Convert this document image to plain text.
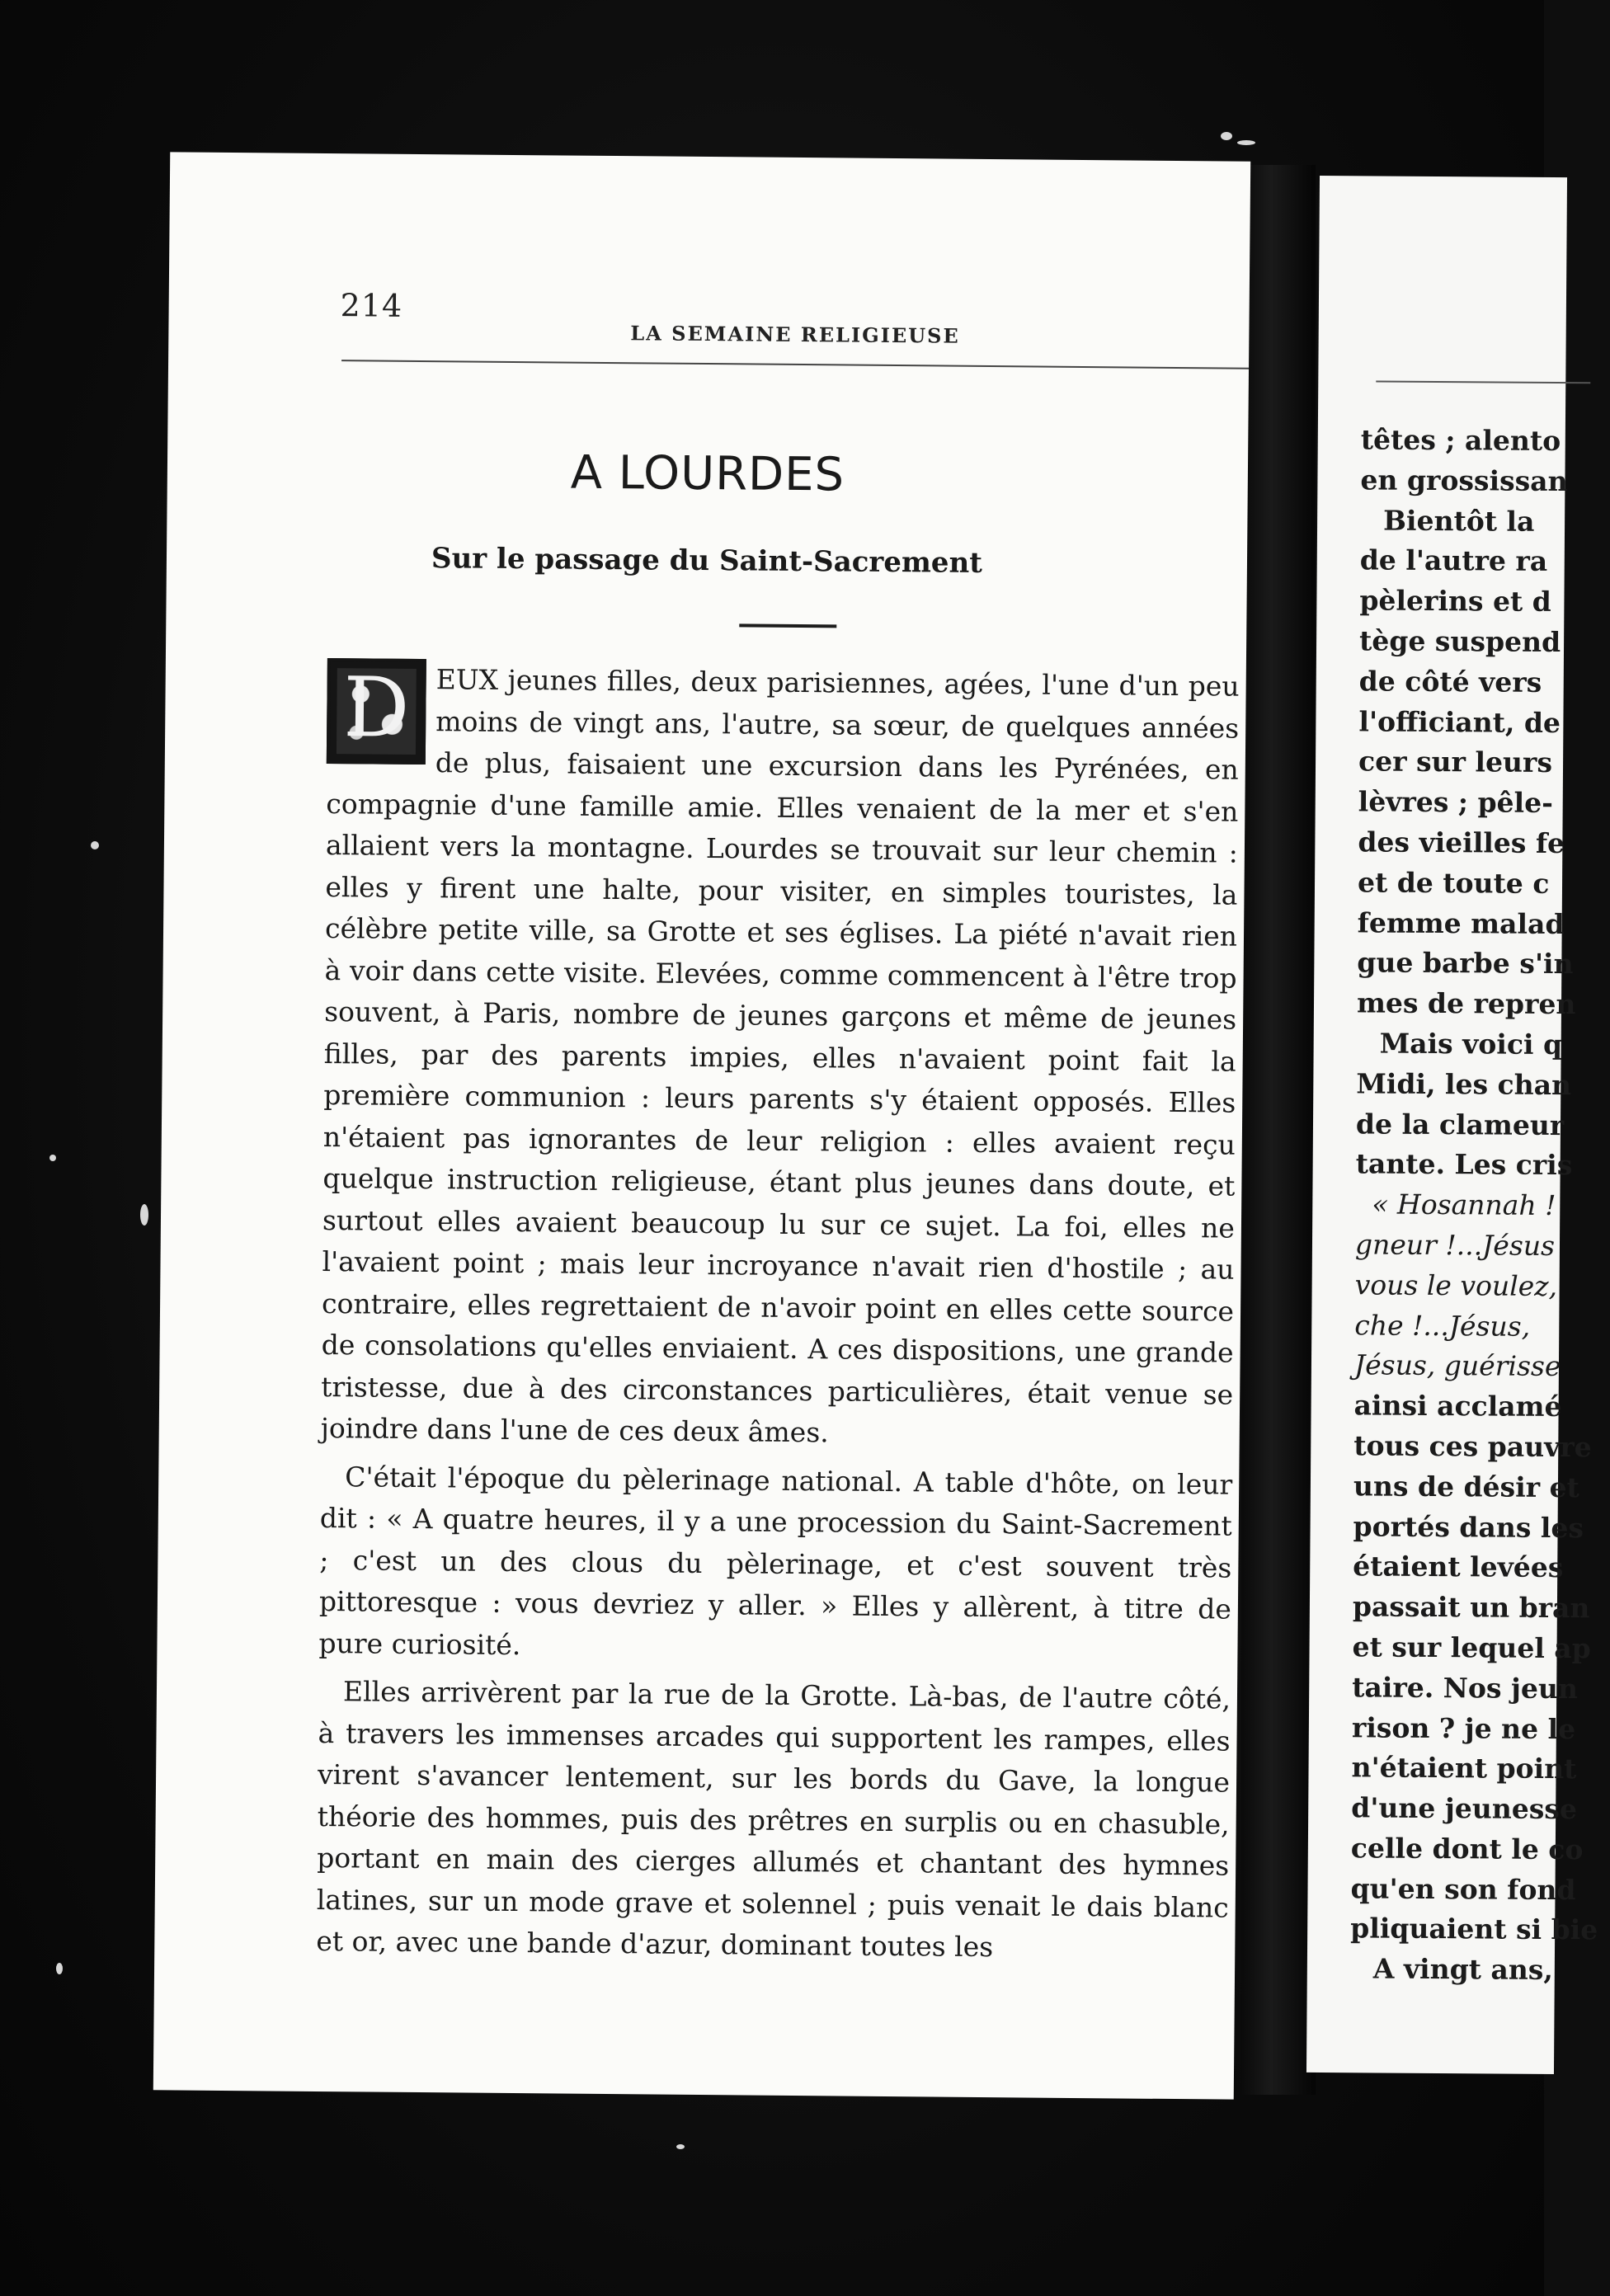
214
LA SEMAINE RELIGIEUSE
A LOURDES
Sur le passage du Saint-Sacrement

EUX jeunes filles, deux parisiennes, agées, l'une d'un peu moins de vingt ans, l'autre, sa sœur, de quelques années de plus, faisaient une excursion dans les Pyrénées, en compagnie d'une famille amie. Elles venaient de la mer et s'en allaient vers la montagne. Lourdes se trouvait sur leur chemin : elles y firent une halte, pour visiter, en simples touristes, la célèbre petite ville, sa Grotte et ses églises. La piété n'avait rien à voir dans cette visite. Elevées, comme commencent à l'être trop souvent, à Paris, nombre de jeunes garçons et même de jeunes filles, par des parents impies, elles n'avaient point fait la première communion : leurs parents s'y étaient opposés. Elles n'étaient pas ignorantes de leur religion : elles avaient reçu quelque instruction religieuse, étant plus jeunes dans doute, et surtout elles avaient beaucoup lu sur ce sujet. La foi, elles ne l'avaient point ; mais leur incroyance n'avait rien d'hostile ; au contraire, elles regrettaient de n'avoir point en elles cette source de consolations qu'elles enviaient. A ces dispositions, une grande tristesse, due à des circonstances particulières, était venue se joindre dans l'une de ces deux âmes.

C'était l'époque du pèlerinage national. A table d'hôte, on leur dit : « A quatre heures, il y a une procession du Saint-Sacrement ; c'est un des clous du pèlerinage, et c'est souvent très pittoresque : vous devriez y aller. » Elles y allèrent, à titre de pure curiosité.

Elles arrivèrent par la rue de la Grotte. Là-bas, de l'autre côté, à travers les immenses arcades qui supportent les rampes, elles virent s'avancer lentement, sur les bords du Gave, la longue théorie des hommes, puis des prêtres en surplis ou en chasuble, portant en main des cierges allumés et chantant des hymnes latines, sur un mode grave et solennel ; puis venait le dais blanc et or, avec une bande d'azur, dominant toutes les

D
têtes ; alento
en grossissan
Bientôt la
de l'autre ra
pèlerins et d
tège suspend
de côté vers
l'officiant, de
cer sur leurs
lèvres ; pêle-
des vieilles fe
et de toute c
femme malad
gue barbe s'in
mes de repren
Mais voici q
Midi, les chan
de la clameur
tante. Les cris
« Hosannah !
gneur !...Jésus
vous le voulez,
che !...Jésus,
Jésus, guérisse
ainsi acclamé
tous ces pauvre
uns de désir et
portés dans les
étaient levées
passait un bran
et sur lequel ap
taire. Nos jeun
rison ? je ne le
n'étaient point
d'une jeunesse
celle dont le co
qu'en son fond
pliquaient si bie
A vingt ans,
